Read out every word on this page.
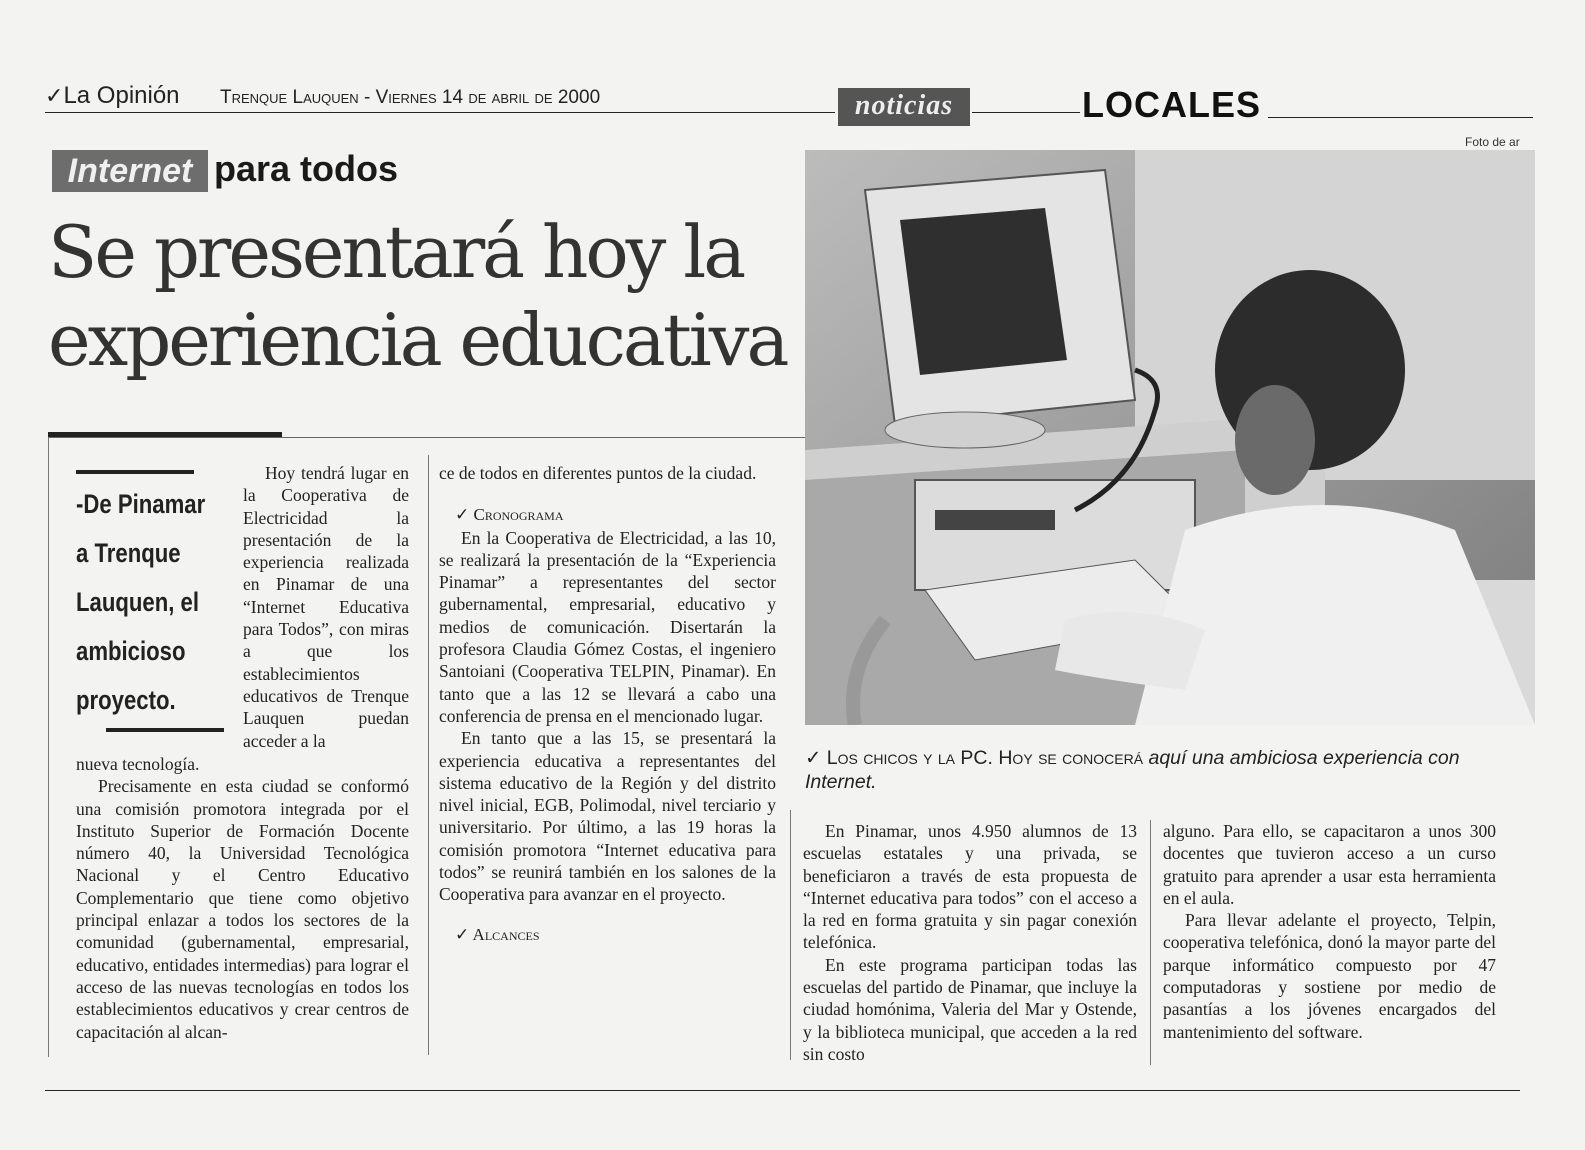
✓La Opinión Trenque Lauquen - Viernes 14 de abril de 2000	noticias	LOCALES
Foto de ar
Internet para todos
Se presentará hoy la
experiencia educativa
-De Pinamar a Trenque Lauquen, el ambicioso proyecto.

Hoy tendrá lugar en la Cooperativa de Electricidad la presentación de la experiencia realizada en Pinamar de una “Internet Educativa para Todos”, con miras a que los establecimientos educativos de Trenque Lauquen puedan acceder a la

nueva tecnología.

Precisamente en esta ciudad se conformó una comisión promotora integrada por el Instituto Superior de Formación Docente número 40, la Universidad Tecnológica Nacional y el Centro Educativo Complementario que tiene como objetivo principal enlazar a todos los sectores de la comunidad (gubernamental, empresarial, educativo, entidades intermedias) para lograr el acceso de las nuevas tecnologías en todos los establecimientos educativos y crear centros de capacitación al alcan-

ce de todos en diferentes puntos de la ciudad.

✓ Cronograma

En la Cooperativa de Electricidad, a las 10, se realizará la presentación de la “Experiencia Pinamar” a representantes del sector gubernamental, empresarial, educativo y medios de comunicación. Disertarán la profesora Claudia Gómez Costas, el ingeniero Santoiani (Cooperativa TELPIN, Pinamar). En tanto que a las 12 se llevará a cabo una conferencia de prensa en el mencionado lugar.

En tanto que a las 15, se presentará la experiencia educativa a representantes del sistema educativo de la Región y del distrito nivel inicial, EGB, Polimodal, nivel terciario y universitario. Por último, a las 19 horas la comisión promotora “Internet educativa para todos” se reunirá también en los salones de la Cooperativa para avanzar en el proyecto.

✓ Alcances

✓ Los chicos y la PC. Hoy se conocerá aquí una ambiciosa experiencia con Internet.

En Pinamar, unos 4.950 alumnos de 13 escuelas estatales y una privada, se beneficiaron a través de esta propuesta de “Internet educativa para todos” con el acceso a la red en forma gratuita y sin pagar conexión telefónica.

En este programa participan todas las escuelas del partido de Pinamar, que incluye la ciudad homónima, Valeria del Mar y Ostende, y la biblioteca municipal, que acceden a la red sin costo

alguno. Para ello, se capacitaron a unos 300 docentes que tuvieron acceso a un curso gratuito para aprender a usar esta herramienta en el aula.

Para llevar adelante el proyecto, Telpin, cooperativa telefónica, donó la mayor parte del parque informático compuesto por 47 computadoras y sostiene por medio de pasantías a los jóvenes encargados del mantenimiento del software.
